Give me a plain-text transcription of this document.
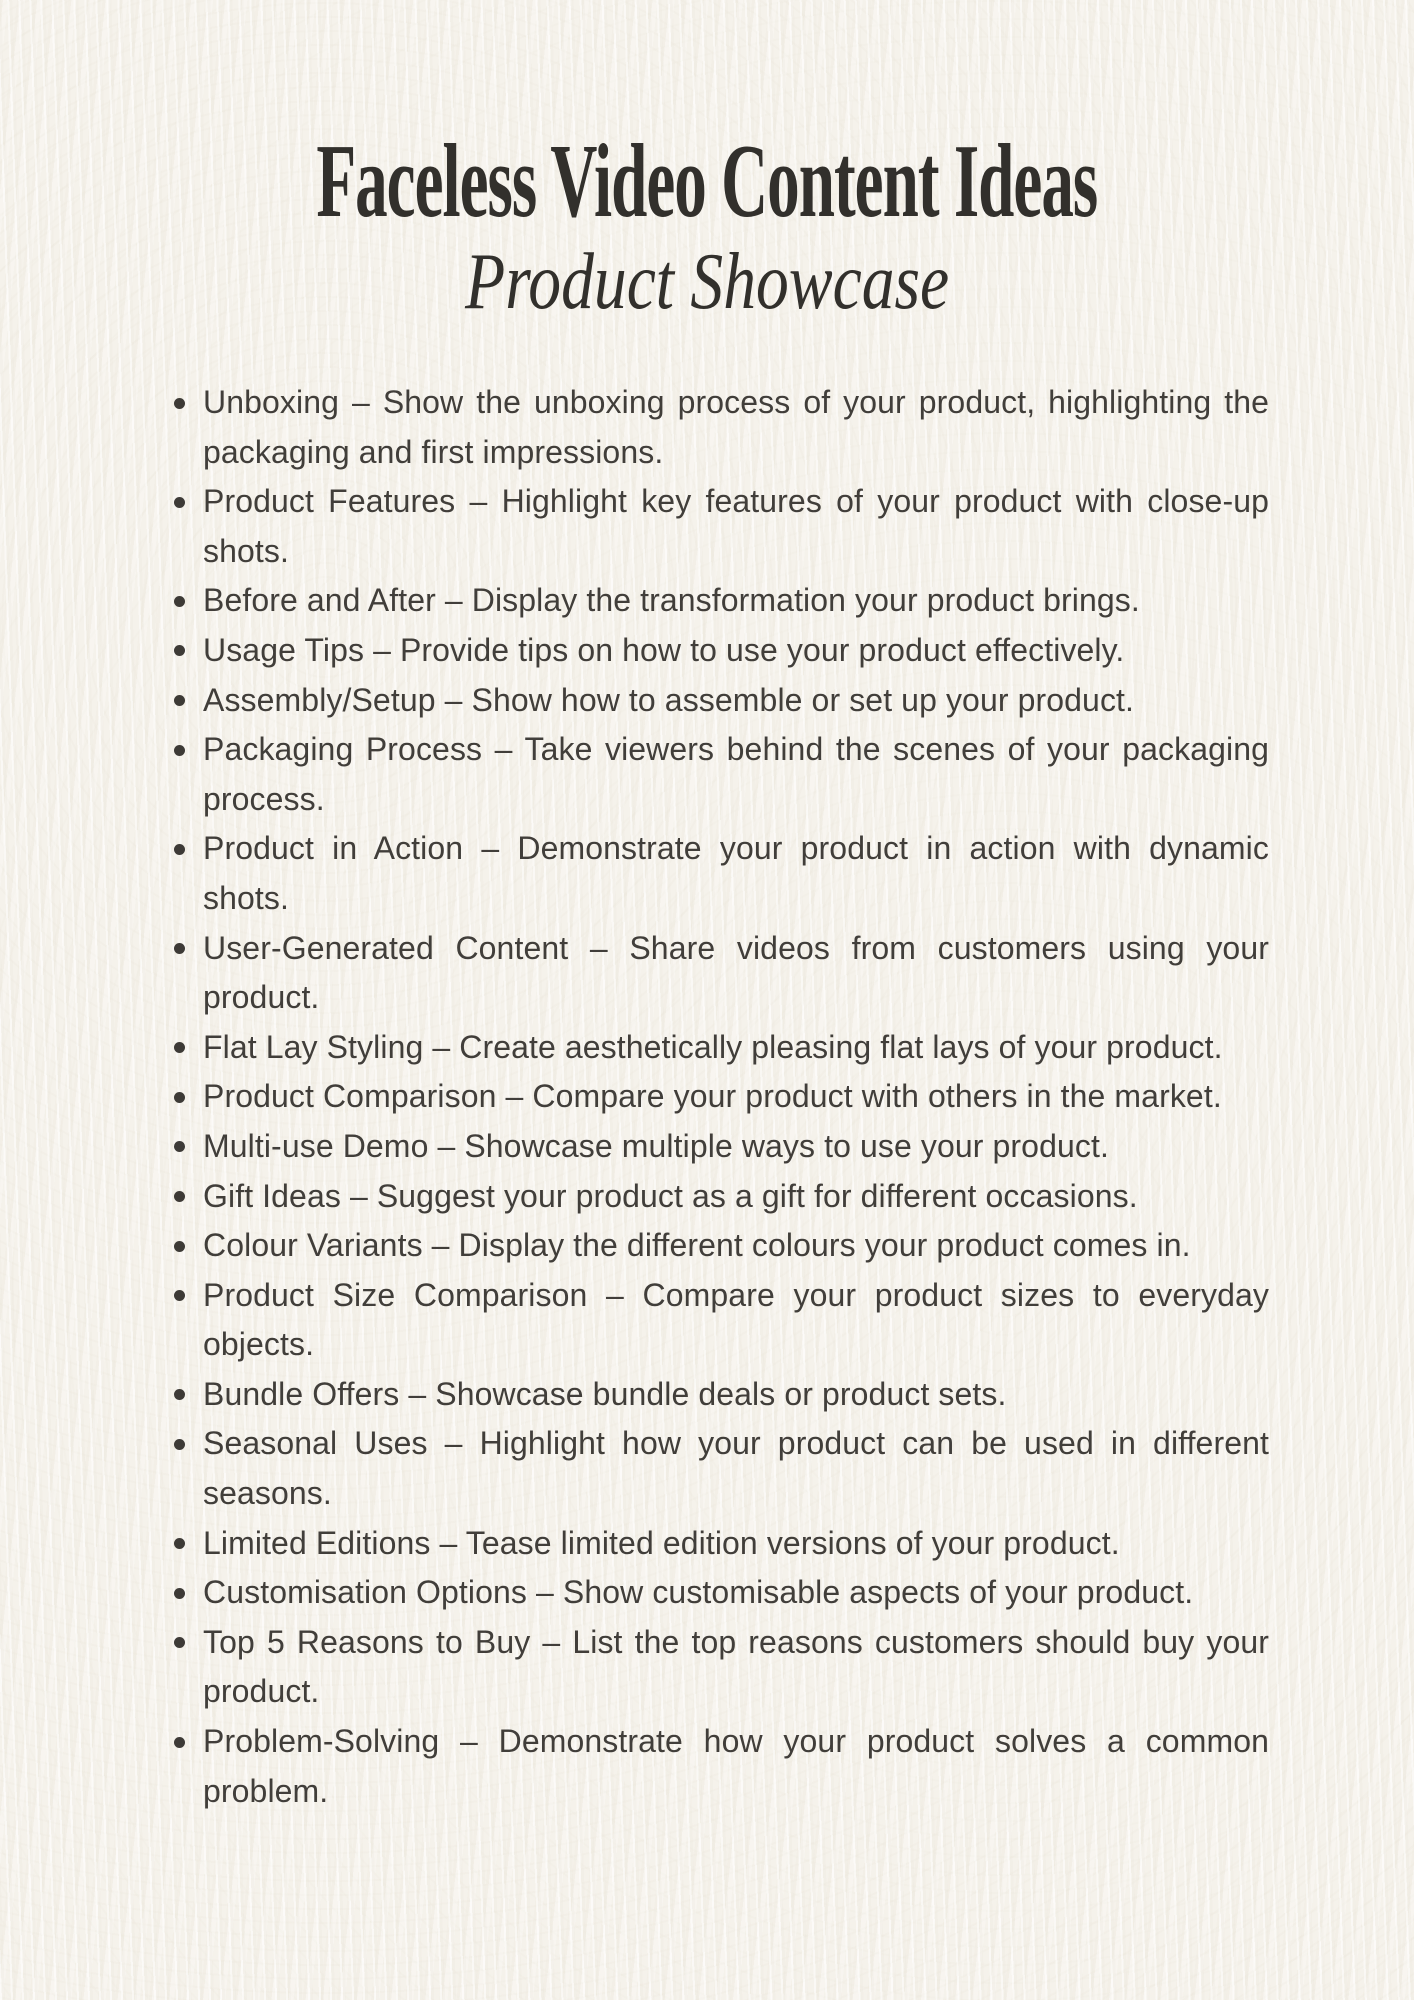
Faceless Video Content Ideas
Product Showcase
Unboxing – Show the unboxing process of your product, highlighting the packaging and first impressions.
Product Features – Highlight key features of your product with close-up shots.
Before and After – Display the transformation your product brings.
Usage Tips – Provide tips on how to use your product effectively.
Assembly/Setup – Show how to assemble or set up your product.
Packaging Process – Take viewers behind the scenes of your packaging process.
Product in Action – Demonstrate your product in action with dynamic shots.
User-Generated Content – Share videos from customers using your product.
Flat Lay Styling – Create aesthetically pleasing flat lays of your product.
Product Comparison – Compare your product with others in the market.
Multi-use Demo – Showcase multiple ways to use your product.
Gift Ideas – Suggest your product as a gift for different occasions.
Colour Variants – Display the different colours your product comes in.
Product Size Comparison – Compare your product sizes to everyday objects.
Bundle Offers – Showcase bundle deals or product sets.
Seasonal Uses – Highlight how your product can be used in different seasons.
Limited Editions – Tease limited edition versions of your product.
Customisation Options – Show customisable aspects of your product.
Top 5 Reasons to Buy – List the top reasons customers should buy your product.
Problem-Solving – Demonstrate how your product solves a common problem.
